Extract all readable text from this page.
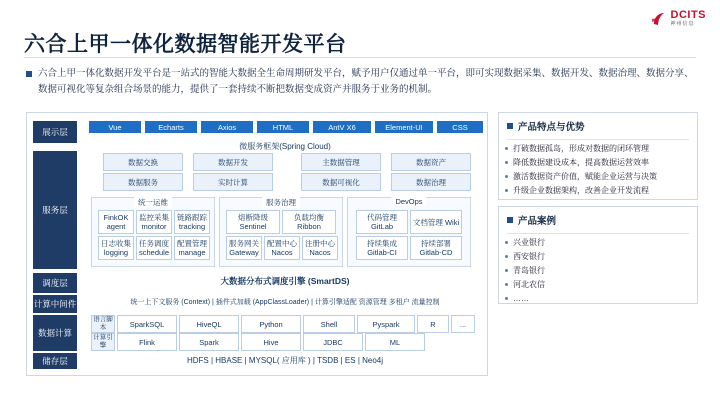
DCITS
神州信息
六合上甲一体化数据智能开发平台
六合上甲一体化数据开发平台是一站式的智能大数据全生命周期研发平台，赋予用户仅通过单一平台，即可实现数据采集、数据开发、数据治理、数据分享、数据可视化等复杂组合场景的能力，提供了一套持续不断把数据变成资产并服务于业务的机制。
展示层
服务层
调度层
计算中间件
数据计算
储存层
Vue	Echarts	Axios	HTML	AntV X6	Element-UI	CSS
微服务框架(Spring Cloud)
数据交换	数据开发	主数据管理	数据资产
数据服务	实时计算	数据可视化	数据治理
统一运维
FinkOK agent
监控采集 monitor
链路跟踪 tracking
日志收集 logging
任务调度 schedule
配置管理 manage
服务治理
熔断降级 Sentinel
负载均衡 Ribbon
服务网关 Gateway
配置中心 Nacos
注册中心 Nacos
DevOps
代码管理 GitLab	文档管理 Wiki
持续集成 Gitlab-CI
持续部署 Gitlab-CD
大数据分布式调度引擎 (SmartDS)
统一上下文服务 (Context) | 插件式加载 (AppClassLoader) | 计算引擎适配 资源管理 多租户 流量控制
语言脚本
计算引擎
SparkSQL	HiveQL	Python	Shell	Pyspark	R	...
Flink	Spark	Hive	JDBC	ML
HDFS | HBASE | MYSQL( 应用库 ) | TSDB | ES | Neo4j
产品特点与优势
打破数据孤岛，形成对数据的闭环管理
降低数据建设成本，提高数据运营效率
激活数据资产价值，赋能企业运营与决策
升级企业数据架构，改善企业开发流程
产品案例
兴业银行
西安银行
青岛银行
河北农信
……
